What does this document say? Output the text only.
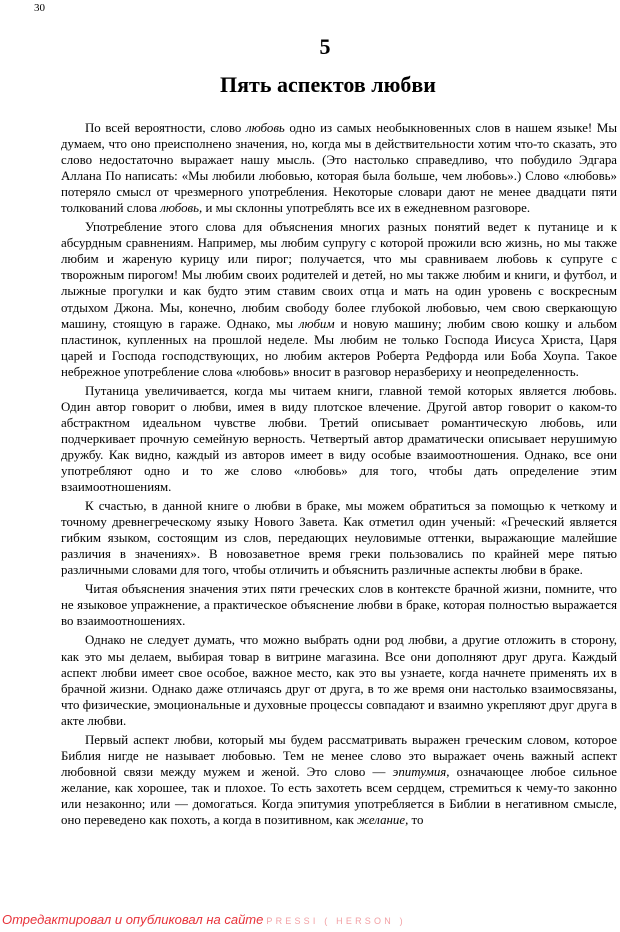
30
5
Пять аспектов любви

По всей вероятности, слово любовь одно из самых необыкновенных слов в нашем языке! Мы думаем, что оно преисполнено значения, но, когда мы в действительности хотим что-то сказать, это слово недостаточно выражает нашу мысль. (Это настолько справедливо, что побудило Эдгара Аллана По написать: «Мы любили любовью, которая была больше, чем любовь».) Слово «любовь» потеряло смысл от чрезмерного употребления. Некоторые словари дают не менее двадцати пяти толкований слова любовь, и мы склонны употреблять все их в ежедневном разговоре.

Употребление этого слова для объяснения многих разных понятий ведет к путанице и к абсурдным сравнениям. Например, мы любим супругу с которой прожили всю жизнь, но мы также любим и жареную курицу или пирог; получается, что мы сравниваем любовь к супруге с творожным пирогом! Мы любим своих родителей и детей, но мы также любим и книги, и футбол, и лыжные прогулки и как будто этим ставим своих отца и мать на один уровень с воскресным отдыхом Джона. Мы, конечно, любим свободу более глубокой любовью, чем свою сверкающую машину, стоящую в гараже. Однако, мы любим и новую машину; любим свою кошку и альбом пластинок, купленных на прошлой неделе. Мы любим не только Господа Иисуса Христа, Царя царей и Господа господствующих, но любим актеров Роберта Редфорда или Боба Хоупа. Такое небрежное употребление слова «любовь» вносит в разговор неразбериху и неопределенность.

Путаница увеличивается, когда мы читаем книги, главной темой которых является любовь. Один автор говорит о любви, имея в виду плотское влечение. Другой автор говорит о каком-то абстрактном идеальном чувстве любви. Третий описывает романтическую любовь, или подчеркивает прочную семейную верность. Четвертый автор драматически описывает нерушимую дружбу. Как видно, каждый из авторов имеет в виду особые взаимоотношения. Однако, все они употребляют одно и то же слово «любовь» для того, чтобы дать определение этим взаимоотношениям.

К счастью, в данной книге о любви в браке, мы можем обратиться за помощью к четкому и точному древнегреческому языку Нового Завета. Как отметил один ученый: «Греческий является гибким языком, состоящим из слов, передающих неуловимые оттенки, выражающие малейшие различия в значениях». В новозаветное время греки пользовались по крайней мере пятью различными словами для того, чтобы отличить и объяснить различные аспекты любви в браке.

Читая объяснения значения этих пяти греческих слов в контексте брачной жизни, помните, что не языковое упражнение, а практическое объяснение любви в браке, которая полностью выражается во взаимоотношениях.

Однако не следует думать, что можно выбрать одни род любви, а другие отложить в сторону, как это мы делаем, выбирая товар в витрине магазина. Все они дополняют друг друга. Каждый аспект любви имеет свое особое, важное место, как это вы узнаете, когда начнете применять их в брачной жизни. Однако даже отличаясь друг от друга, в то же время они настолько взаимосвязаны, что физические, эмоциональные и духовные процессы совпадают и взаимно укрепляют друг друга в акте любви.

Первый аспект любви, который мы будем рассматривать выражен греческим словом, которое Библия нигде не называет любовью. Тем не менее слово это выражает очень важный аспект любовной связи между мужем и женой. Это слово — эпитумия, означающее любое сильное желание, как хорошее, так и плохое. То есть захотеть всем сердцем, стремиться к чему-то законно или незаконно; или — домогаться. Когда эпитумия употребляется в Библии в негативном смысле, оно переведено как похоть, а когда в позитивном, как желание, то

Отредактировал и опубликовал на сайте PRESSI ( HERSON )
